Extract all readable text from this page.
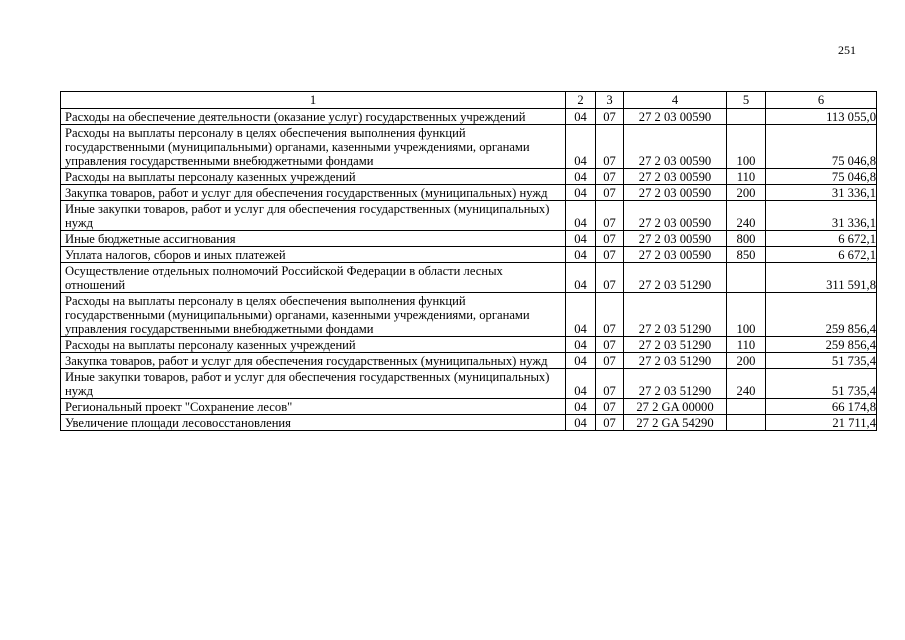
251
1	2	3	4	5	6
Расходы на обеспечение деятельности (оказание услуг) государственных учреждений	04	07	27 2 03 00590		113 055,0
Расходы на выплаты персоналу в целях обеспечения выполнения функций государственными (муниципальными) органами, казенными учреждениями, органами управления государственными внебюджетными фондами	04	07	27 2 03 00590	100	75 046,8
Расходы на выплаты персоналу казенных учреждений	04	07	27 2 03 00590	110	75 046,8
Закупка товаров, работ и услуг для обеспечения государственных (муниципальных) нужд	04	07	27 2 03 00590	200	31 336,1
Иные закупки товаров, работ и услуг для обеспечения государственных (муниципальных) нужд	04	07	27 2 03 00590	240	31 336,1
Иные бюджетные ассигнования	04	07	27 2 03 00590	800	6 672,1
Уплата налогов, сборов и иных платежей	04	07	27 2 03 00590	850	6 672,1
Осуществление отдельных полномочий Российской Федерации в области лесных отношений	04	07	27 2 03 51290		311 591,8
Расходы на выплаты персоналу в целях обеспечения выполнения функций государственными (муниципальными) органами, казенными учреждениями, органами управления государственными внебюджетными фондами	04	07	27 2 03 51290	100	259 856,4
Расходы на выплаты персоналу казенных учреждений	04	07	27 2 03 51290	110	259 856,4
Закупка товаров, работ и услуг для обеспечения государственных (муниципальных) нужд	04	07	27 2 03 51290	200	51 735,4
Иные закупки товаров, работ и услуг для обеспечения государственных (муниципальных) нужд	04	07	27 2 03 51290	240	51 735,4
Региональный проект "Сохранение лесов"	04	07	27 2 GA 00000		66 174,8
Увеличение площади лесовосстановления	04	07	27 2 GA 54290		21 711,4
